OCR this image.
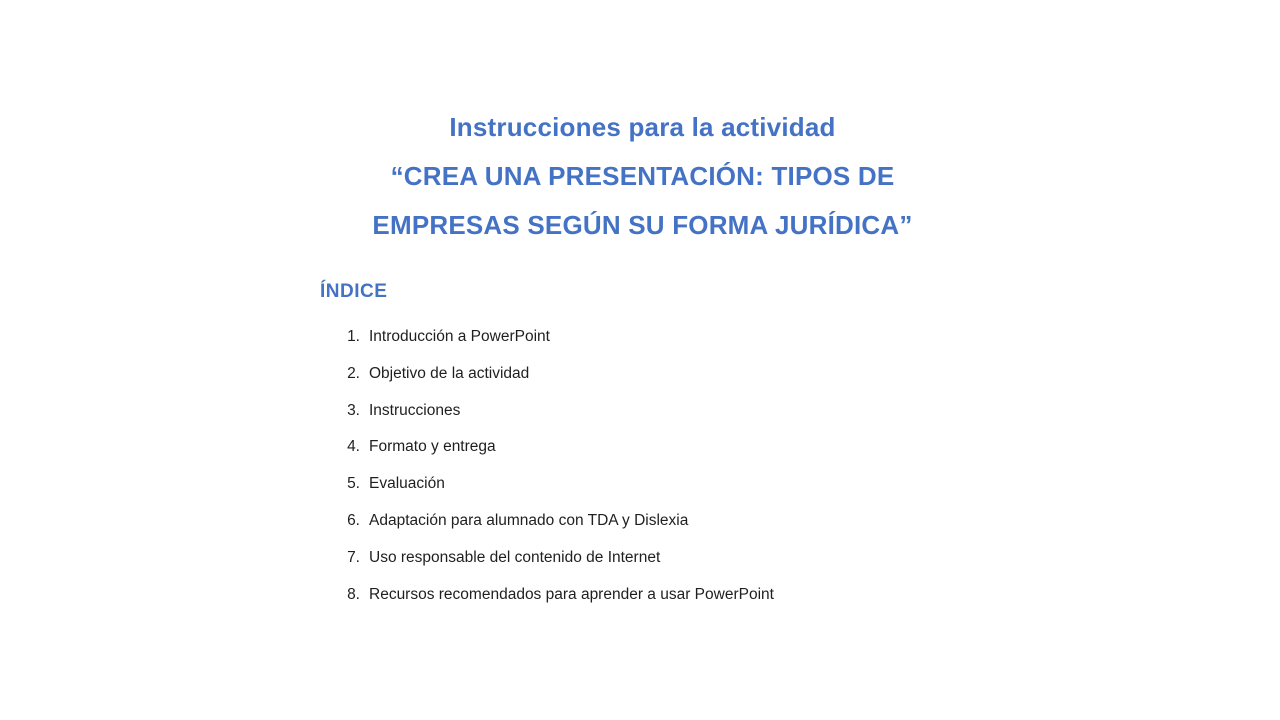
Instrucciones para la actividad
“CREA UNA PRESENTACIÓN: TIPOS DE
EMPRESAS SEGÚN SU FORMA JURÍDICA”
ÍNDICE
1. Introducción a PowerPoint
2. Objetivo de la actividad
3. Instrucciones
4. Formato y entrega
5. Evaluación
6. Adaptación para alumnado con TDA y Dislexia
7. Uso responsable del contenido de Internet
8. Recursos recomendados para aprender a usar PowerPoint
